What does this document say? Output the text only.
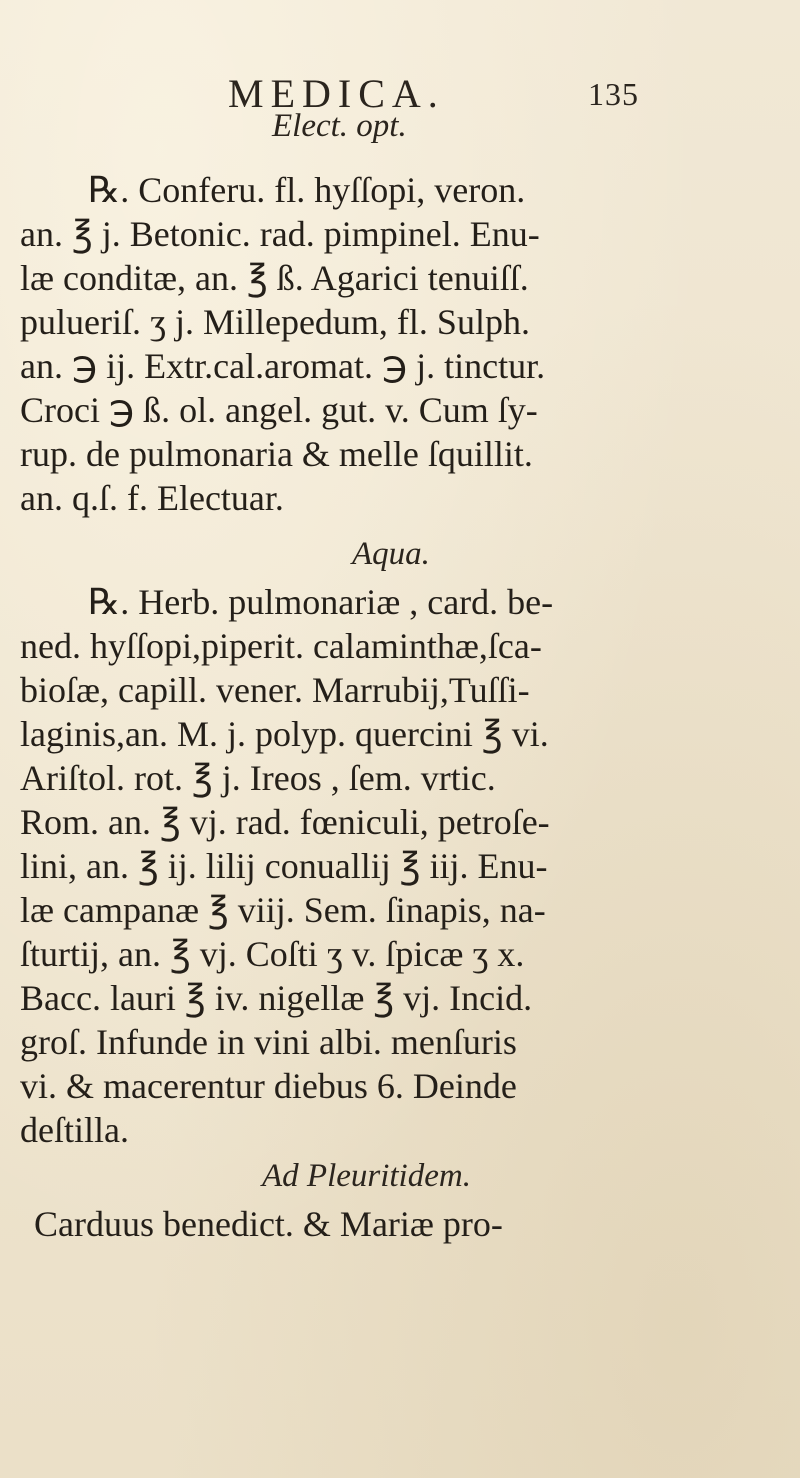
MEDICA.	135
Elect. opt.
℞. Conferu. fl. hyſſopi, veron.
an. ℥ j. Betonic. rad. pimpinel. Enu-
læ conditæ, an. ℥ ß. Agarici tenuiſſ.
pulueriſ. ʒ j. Millepedum, fl. Sulph.
an. ℈ ij. Extr.cal.aromat. ℈ j. tinctur.
Croci ℈ ß. ol. angel. gut. v. Cum ſy-
rup. de pulmonaria & melle ſquillit.
an. q.ſ. f. Electuar.
Aqua.
℞. Herb. pulmonariæ , card. be-
ned. hyſſopi,piperit. calaminthæ,ſca-
bioſæ, capill. vener. Marrubij,Tuſſi-
laginis,an. M. j. polyp. quercini ℥ vi.
Ariſtol. rot. ℥ j. Ireos , ſem. vrtic.
Rom. an. ℥ vj. rad. fœniculi, petroſe-
lini, an. ℥ ij. lilij conuallij ℥ iij. Enu-
læ campanæ ℥ viij. Sem. ſinapis, na-
ſturtij, an. ℥ vj. Coſti ʒ v. ſpicæ ʒ x.
Bacc. lauri ℥ iv. nigellæ ℥ vj. Incid.
groſ. Infunde in vini albi. menſuris
vi. & macerentur diebus 6. Deinde
deſtilla.
Ad Pleuritidem.
Carduus benedict. & Mariæ pro-
